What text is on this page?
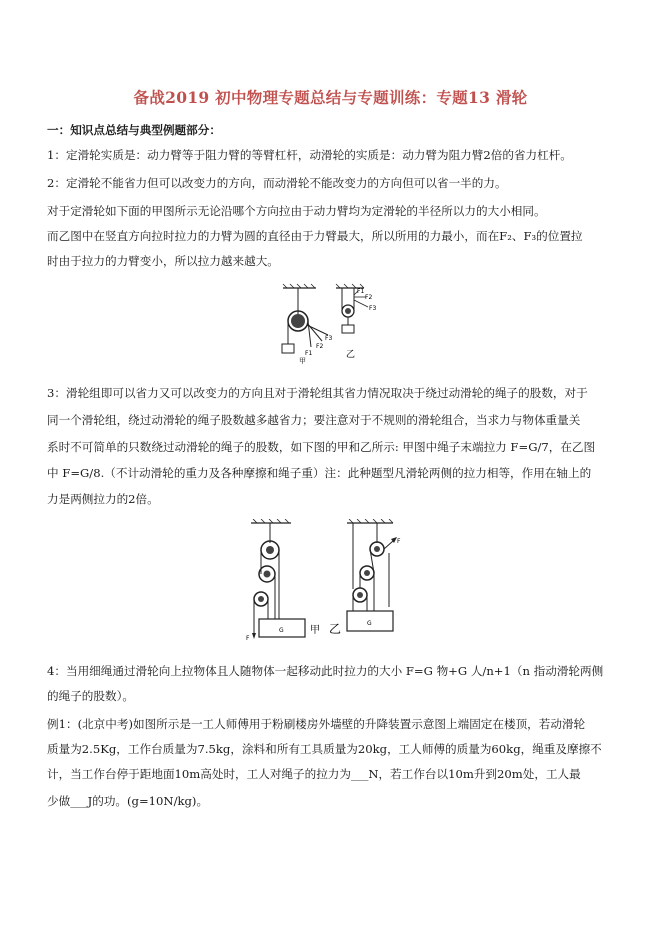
备战2019 初中物理专题总结与专题训练：专题13 滑轮
一：知识点总结与典型例题部分：
1：定滑轮实质是：动力臂等于阻力臂的等臂杠杆，动滑轮的实质是：动力臂为阻力臂2倍的省力杠杆。
2：定滑轮不能省力但可以改变力的方向，而动滑轮不能改变力的方向但可以省一半的力。
对于定滑轮如下面的甲图所示无论沿哪个方向拉由于动力臂均为定滑轮的半径所以力的大小相同。
而乙图中在竖直方向拉时拉力的力臂为圆的直径由于力臂最大，所以所用的力最小，而在F₂、F₃的位置拉
时由于拉力的力臂变小，所以拉力越来越大。
F1
F2
F3
甲
F1
F2
F3
乙
3：滑轮组即可以省力又可以改变力的方向且对于滑轮组其省力情况取决于绕过动滑轮的绳子的股数，对于
同一个滑轮组，绕过动滑轮的绳子股数越多越省力；要注意对于不规则的滑轮组合，当求力与物体重量关
系时不可简单的只数绕过动滑轮的绳子的股数，如下图的甲和乙所示: 甲图中绳子末端拉力 F=G/7，在乙图
中 F=G/8.（不计动滑轮的重力及各种摩擦和绳子重）注：此种题型凡滑轮两侧的拉力相等，作用在轴上的
力是两侧拉力的2倍。
F
G	甲
F
G
乙
4：当用细绳通过滑轮向上拉物体且人随物体一起移动此时拉力的大小 F=G 物+G 人/n+1（n 指动滑轮两侧
的绳子的股数）。
例1：(北京中考)如图所示是一工人师傅用于粉刷楼房外墙壁的升降装置示意图上端固定在楼顶，若动滑轮
质量为2.5Kg，工作台质量为7.5kg，涂料和所有工具质量为20kg，工人师傅的质量为60kg，绳重及摩擦不
计，当工作台停于距地面10m高处时，工人对绳子的拉力为___N，若工作台以10m升到20m处，工人最
少做___J的功。(g=10N/kg)。
